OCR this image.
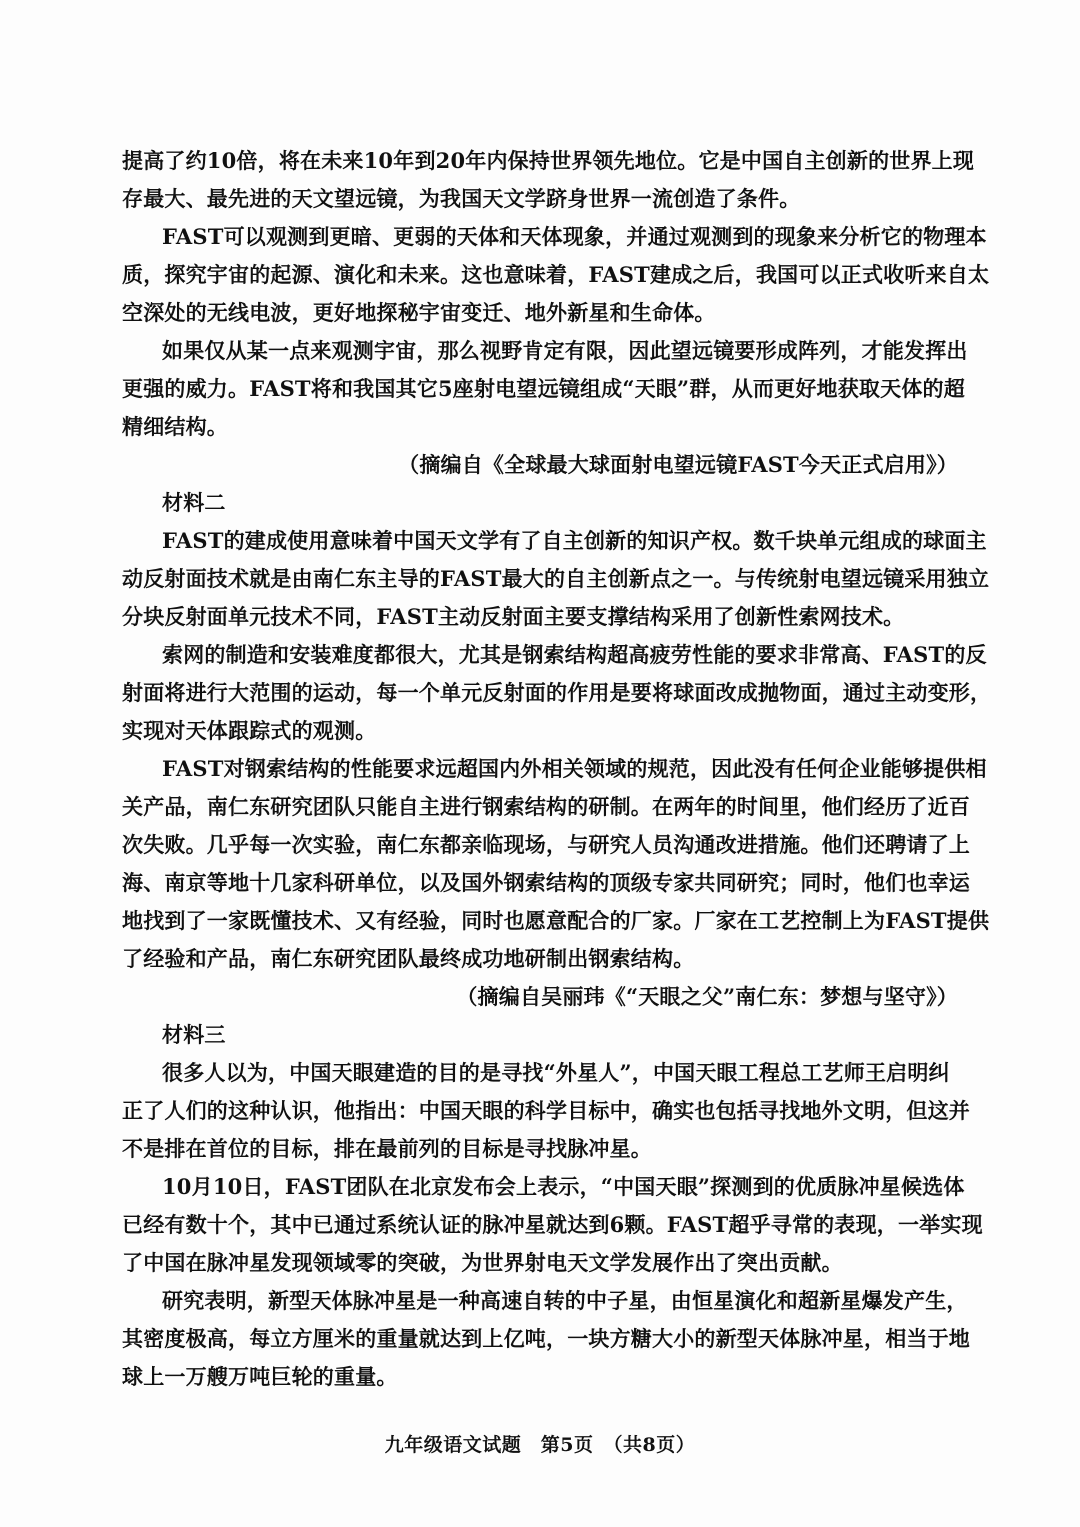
提高了约10倍，将在未来10年到20年内保持世界领先地位。它是中国自主创新的世界上现
存最大、最先进的天文望远镜，为我国天文学跻身世界一流创造了条件。
FAST可以观测到更暗、更弱的天体和天体现象，并通过观测到的现象来分析它的物理本
质，探究宇宙的起源、演化和未来。这也意味着，FAST建成之后，我国可以正式收听来自太
空深处的无线电波，更好地探秘宇宙变迁、地外新星和生命体。
如果仅从某一点来观测宇宙，那么视野肯定有限，因此望远镜要形成阵列，才能发挥出
更强的威力。FAST将和我国其它5座射电望远镜组成“天眼”群，从而更好地获取天体的超
精细结构。
（摘编自《全球最大球面射电望远镜FAST今天正式启用》）
材料二
FAST的建成使用意味着中国天文学有了自主创新的知识产权。数千块单元组成的球面主
动反射面技术就是由南仁东主导的FAST最大的自主创新点之一。与传统射电望远镜采用独立
分块反射面单元技术不同，FAST主动反射面主要支撑结构采用了创新性索网技术。
索网的制造和安装难度都很大，尤其是钢索结构超高疲劳性能的要求非常高、FAST的反
射面将进行大范围的运动，每一个单元反射面的作用是要将球面改成抛物面，通过主动变形，
实现对天体跟踪式的观测。
FAST对钢索结构的性能要求远超国内外相关领域的规范，因此没有任何企业能够提供相
关产品，南仁东研究团队只能自主进行钢索结构的研制。在两年的时间里，他们经历了近百
次失败。几乎每一次实验，南仁东都亲临现场，与研究人员沟通改进措施。他们还聘请了上
海、南京等地十几家科研单位，以及国外钢索结构的顶级专家共同研究；同时，他们也幸运
地找到了一家既懂技术、又有经验，同时也愿意配合的厂家。厂家在工艺控制上为FAST提供
了经验和产品，南仁东研究团队最终成功地研制出钢索结构。
（摘编自吴丽玮《“天眼之父”南仁东：梦想与坚守》）
材料三
很多人以为，中国天眼建造的目的是寻找“外星人”，中国天眼工程总工艺师王启明纠
正了人们的这种认识，他指出：中国天眼的科学目标中，确实也包括寻找地外文明，但这并
不是排在首位的目标，排在最前列的目标是寻找脉冲星。
10月10日，FAST团队在北京发布会上表示，“中国天眼”探测到的优质脉冲星候选体
已经有数十个，其中已通过系统认证的脉冲星就达到6颗。FAST超乎寻常的表现，一举实现
了中国在脉冲星发现领域零的突破，为世界射电天文学发展作出了突出贡献。
研究表明，新型天体脉冲星是一种高速自转的中子星，由恒星演化和超新星爆发产生，
其密度极高，每立方厘米的重量就达到上亿吨，一块方糖大小的新型天体脉冲星，相当于地
球上一万艘万吨巨轮的重量。
九年级语文试题　第5页　（共8页）
